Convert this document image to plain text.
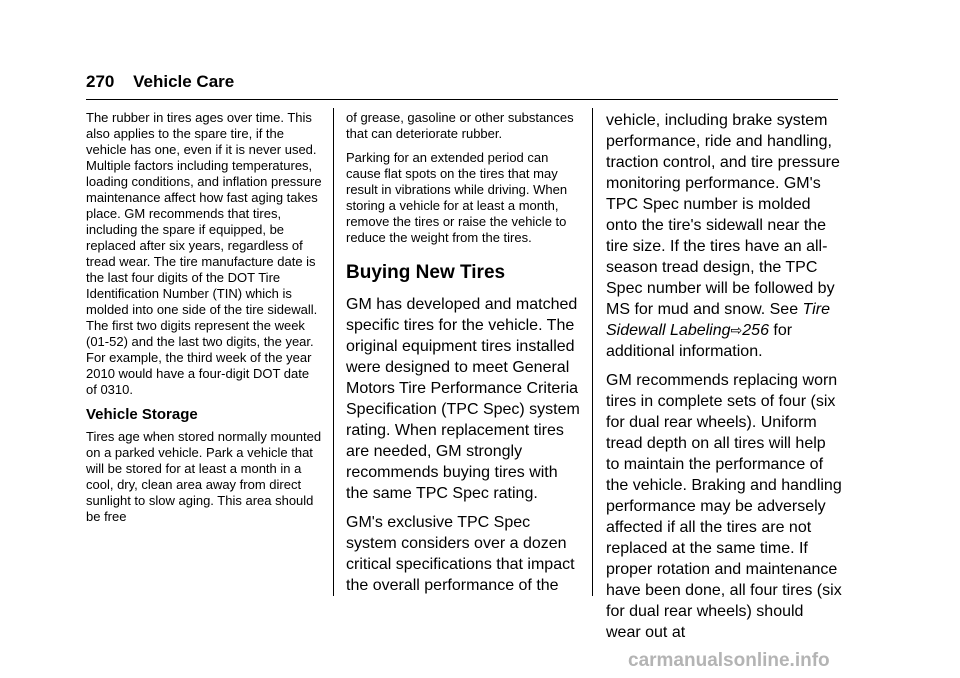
270 Vehicle Care

The rubber in tires ages over time. This also applies to the spare tire, if the vehicle has one, even if it is never used. Multiple factors including temperatures, loading conditions, and inflation pressure maintenance affect how fast aging takes place. GM recommends that tires, including the spare if equipped, be replaced after six years, regardless of tread wear. The tire manufacture date is the last four digits of the DOT Tire Identification Number (TIN) which is molded into one side of the tire sidewall. The first two digits represent the week (01-52) and the last two digits, the year. For example, the third week of the year 2010 would have a four-digit DOT date of 0310.

Vehicle Storage

Tires age when stored normally mounted on a parked vehicle. Park a vehicle that will be stored for at least a month in a cool, dry, clean area away from direct sunlight to slow aging. This area should be free

of grease, gasoline or other substances that can deteriorate rubber.

Parking for an extended period can cause flat spots on the tires that may result in vibrations while driving. When storing a vehicle for at least a month, remove the tires or raise the vehicle to reduce the weight from the tires.

Buying New Tires

GM has developed and matched specific tires for the vehicle. The original equipment tires installed were designed to meet General Motors Tire Performance Criteria Specification (TPC Spec) system rating. When replacement tires are needed, GM strongly recommends buying tires with the same TPC Spec rating.

GM's exclusive TPC Spec system considers over a dozen critical specifications that impact the overall performance of the

vehicle, including brake system performance, ride and handling, traction control, and tire pressure monitoring performance. GM's TPC Spec number is molded onto the tire's sidewall near the tire size. If the tires have an all-season tread design, the TPC Spec number will be followed by MS for mud and snow. See Tire Sidewall Labeling⇨256 for additional information.

GM recommends replacing worn tires in complete sets of four (six for dual rear wheels). Uniform tread depth on all tires will help to maintain the performance of the vehicle. Braking and handling performance may be adversely affected if all the tires are not replaced at the same time. If proper rotation and maintenance have been done, all four tires (six for dual rear wheels) should wear out at

carmanualsonline.info
